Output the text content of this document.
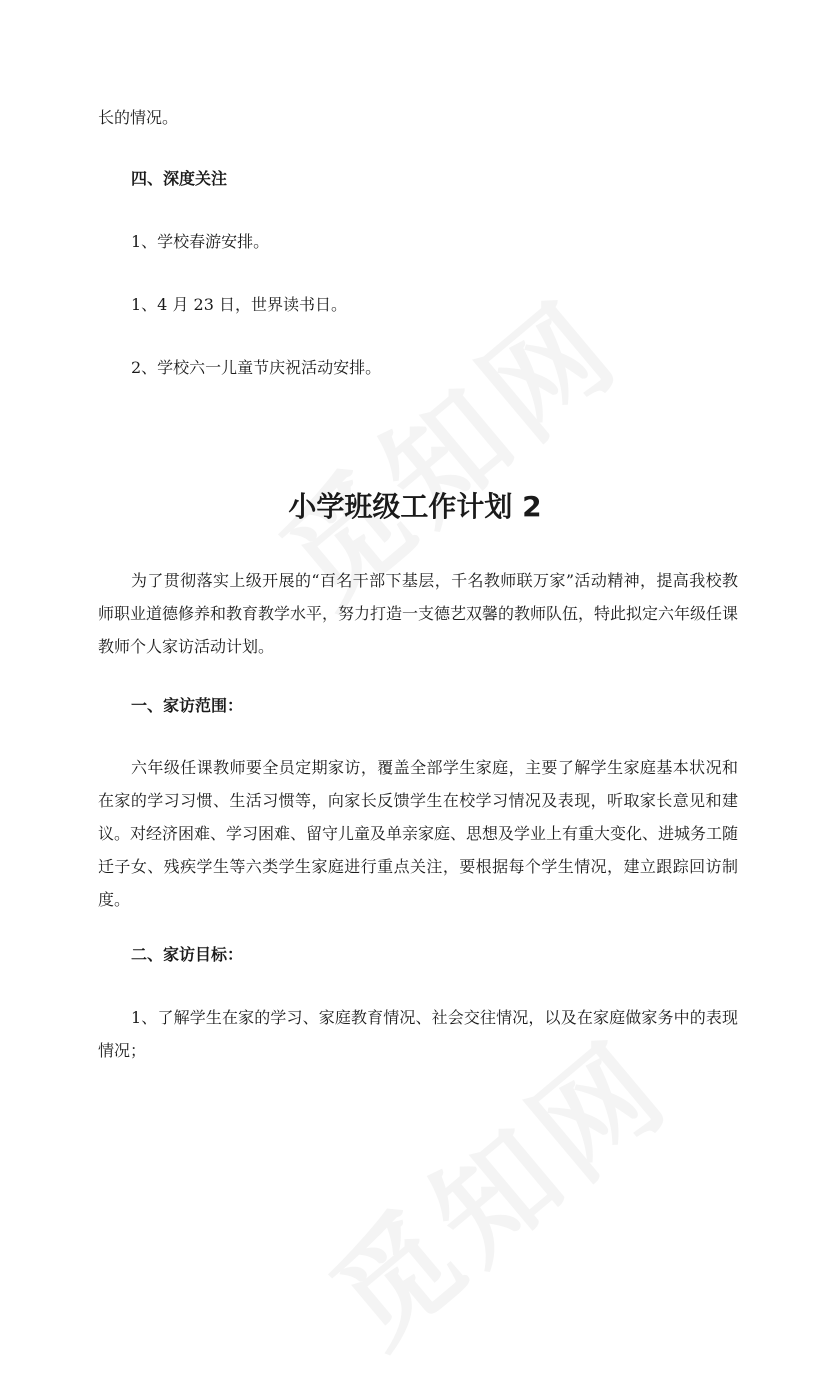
长的情况。
四、深度关注
1、学校春游安排。
1、4 月 23 日，世界读书日。
2、学校六一儿童节庆祝活动安排。
小学班级工作计划 2
为了贯彻落实上级开展的“百名干部下基层，千名教师联万家”活动精神，提高我校教师职业道德修养和教育教学水平，努力打造一支德艺双馨的教师队伍，特此拟定六年级任课教师个人家访活动计划。
一、家访范围：
六年级任课教师要全员定期家访，覆盖全部学生家庭，主要了解学生家庭基本状况和在家的学习习惯、生活习惯等，向家长反馈学生在校学习情况及表现，听取家长意见和建议。对经济困难、学习困难、留守儿童及单亲家庭、思想及学业上有重大变化、进城务工随迁子女、残疾学生等六类学生家庭进行重点关注，要根据每个学生情况，建立跟踪回访制度。
二、家访目标：
1、了解学生在家的学习、家庭教育情况、社会交往情况，以及在家庭做家务中的表现情况；
